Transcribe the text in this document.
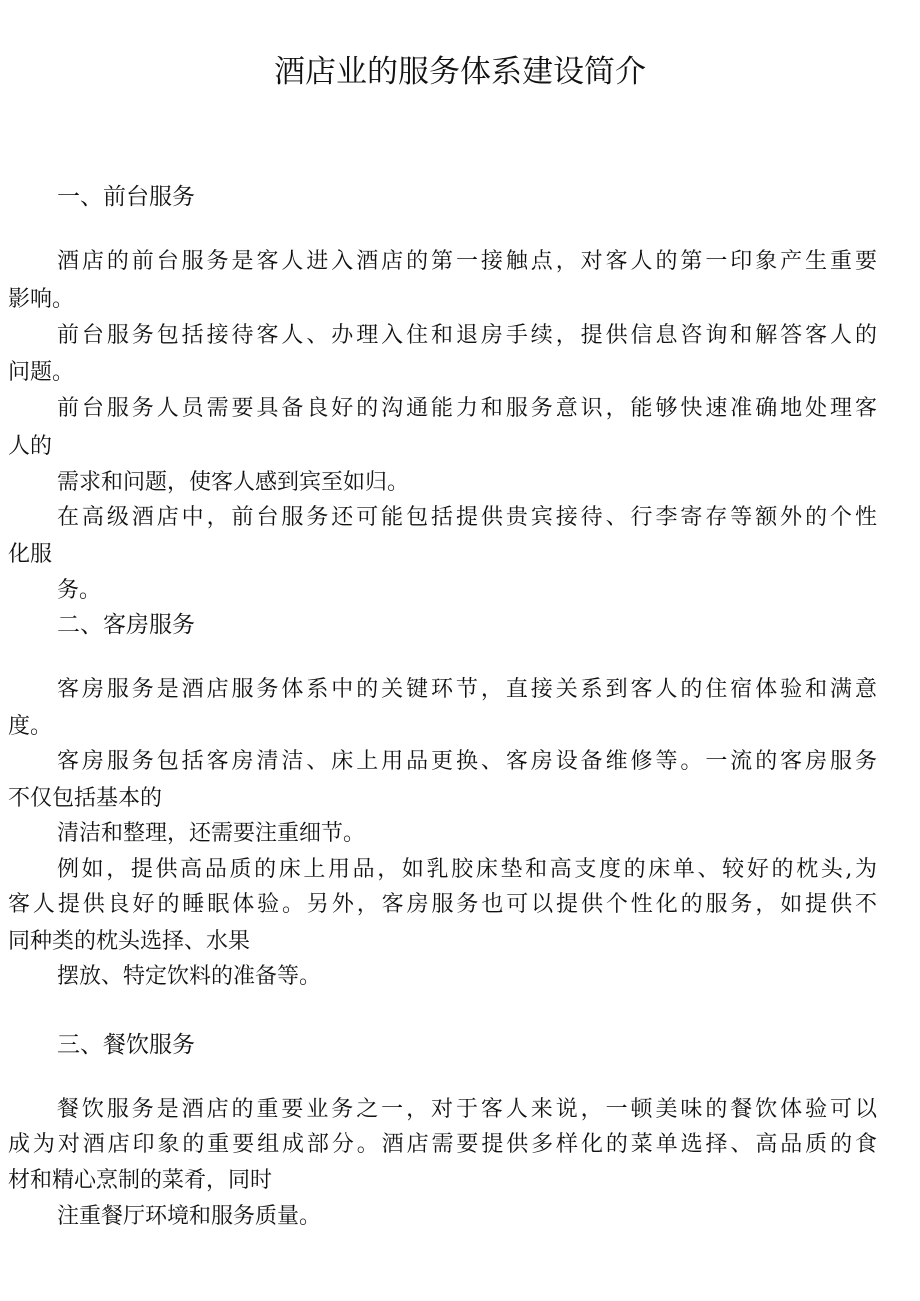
酒店业的服务体系建设简介
一、前台服务
酒店的前台服务是客人进入酒店的第一接触点，对客人的第一印象产生重要
影响。
前台服务包括接待客人、办理入住和退房手续，提供信息咨询和解答客人的
问题。
前台服务人员需要具备良好的沟通能力和服务意识，能够快速准确地处理客
人的
需求和问题，使客人感到宾至如归。
在高级酒店中，前台服务还可能包括提供贵宾接待、行李寄存等额外的个性
化服
务。
二、客房服务
客房服务是酒店服务体系中的关键环节，直接关系到客人的住宿体验和满意
度。
客房服务包括客房清洁、床上用品更换、客房设备维修等。一流的客房服务
不仅包括基本的
清洁和整理，还需要注重细节。
例如，提供高品质的床上用品，如乳胶床垫和高支度的床单、较好的枕头,为
客人提供良好的睡眠体验。另外，客房服务也可以提供个性化的服务，如提供不
同种类的枕头选择、水果
摆放、特定饮料的准备等。
三、餐饮服务
餐饮服务是酒店的重要业务之一，对于客人来说，一顿美味的餐饮体验可以
成为对酒店印象的重要组成部分。酒店需要提供多样化的菜单选择、高品质的食
材和精心烹制的菜肴，同时
注重餐厅环境和服务质量。
